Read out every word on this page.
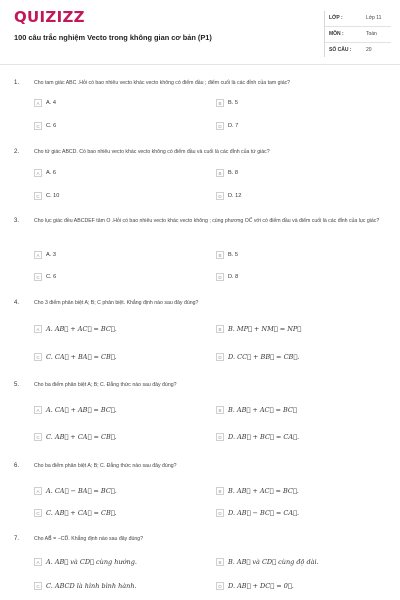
QUIZIZZ
100 câu trắc nghiệm Vecto trong không gian cơ bản (P1)
LỚP :	Lớp 11
MÔN :	Toán
SỐ CÂU :	20
1.	Cho tam giác ABC .Hỏi có bao nhiêu vecto khác vecto không có điểm đầu ; điểm cuối là các đỉnh của tam giác?
A A. 4	B B. 5
C C. 6	D D. 7
2.	Cho tứ giác ABCD. Có bao nhiêu vecto khác vecto không có điểm đầu và cuối là các đỉnh của tứ giác?
A A. 6	B B. 8
C C. 10	D D. 12
3.	Cho lục giác đều ABCDEF tâm O .Hỏi có bao nhiêu vecto khác vecto không ; cùng phương OC⃗ với có điểm đầu và điểm cuối là các đỉnh của lục giác?
A A. 3	B B. 5
C C. 6	D D. 8
4.	Cho 3 điểm phân biệt A; B; C phân biệt. Khẳng định nào sau đây đúng?
A A. AB⃗ + AC⃗ = BC⃗.	B B. MP⃗ + NM⃗ = NP⃗
C C. CA⃗ + BA⃗ = CB⃗.	D D. CC⃗ + BB⃗ = CB⃗.
5.	Cho ba điểm phân biệt A; B; C. Đẳng thức nào sau đây đúng?
A A. CA⃗ + AB⃗ = BC⃗.	B B. AB⃗ + AC⃗ = BC⃗
C C. AB⃗ + CA⃗ = CB⃗.	D D. AB⃗ + BC⃗ = CA⃗.
6.	Cho ba điểm phân biệt A; B; C. Đẳng thức nào sau đây đúng?
A A. CA⃗ − BA⃗ = BC⃗.	B B. AB⃗ + AC⃗ = BC⃗.
C C. AB⃗ + CA⃗ = CB⃗.	D D. AB⃗ − BC⃗ = CA⃗.
7.	Cho AB⃗ = −CD⃗. Khẳng định nào sau đây đúng?
A A. AB⃗ và CD⃗ cùng hướng.	B B. AB⃗ và CD⃗ cùng độ dài.
C C. ABCD là hình bình hành.	D D. AB⃗ + DC⃗ = 0⃗.
